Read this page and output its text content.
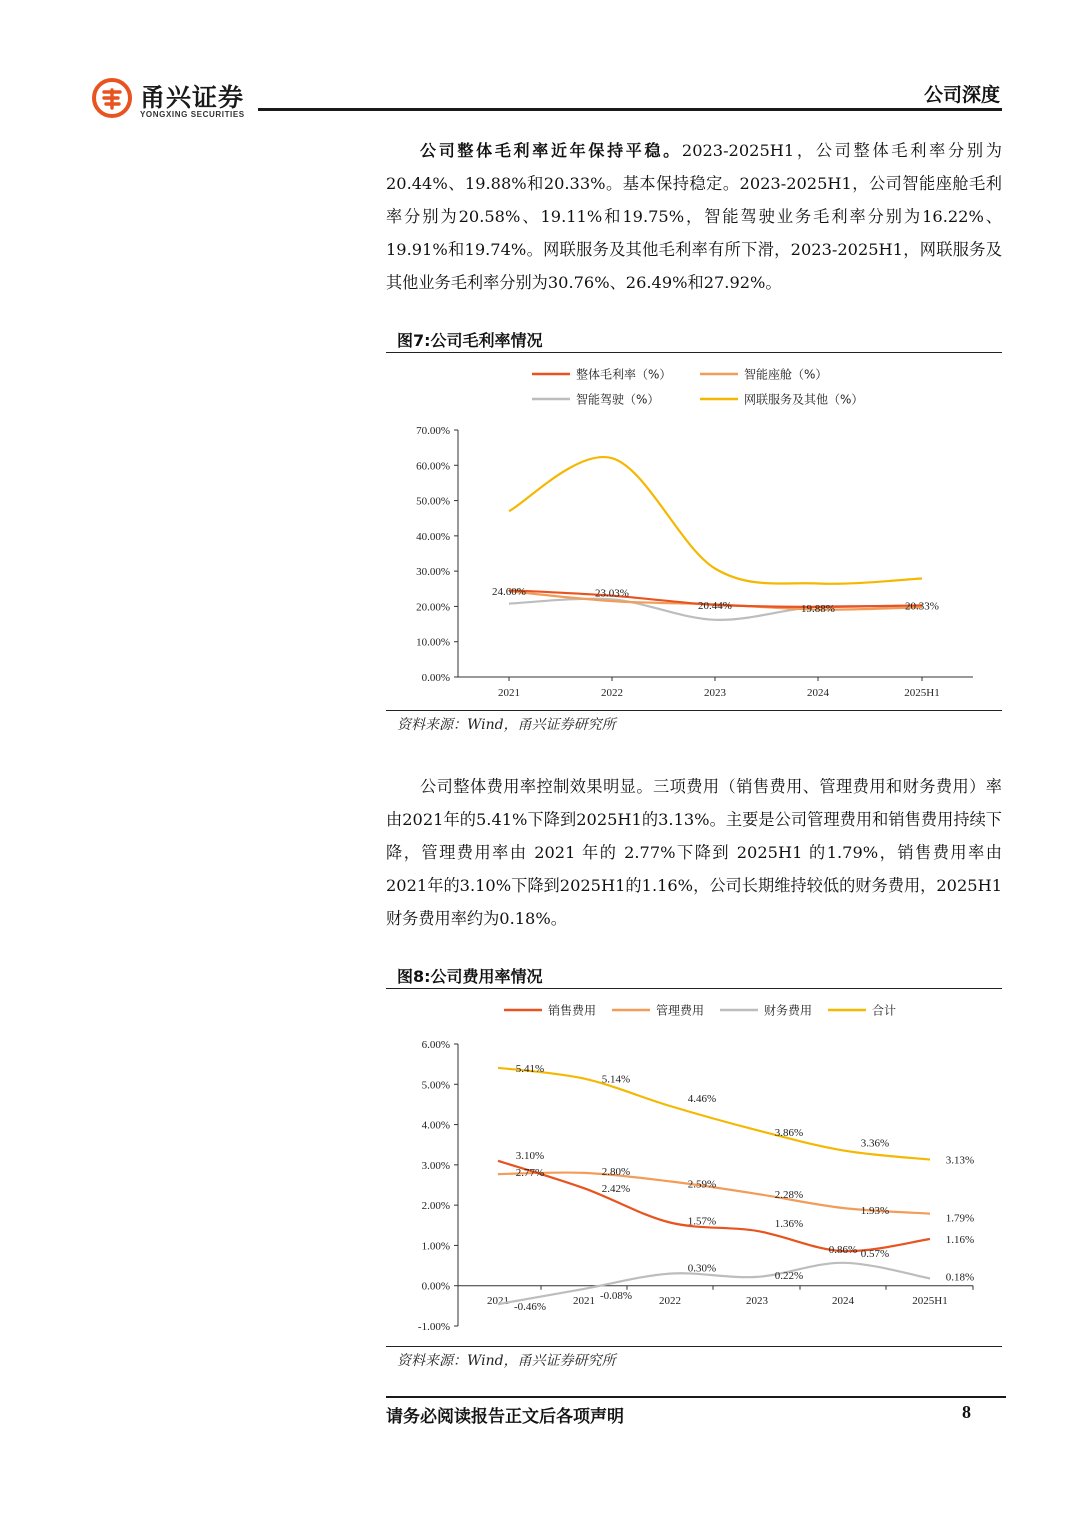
甬兴证券
YONGXING SECURITIES
公司深度

公司整体毛利率近年保持平稳。2023-2025H1，公司整体毛利率分别为20.44%、19.88%和20.33%。基本保持稳定。2023-2025H1，公司智能座舱毛利率分别为20.58%、19.11%和19.75%，智能驾驶业务毛利率分别为16.22%、19.91%和19.74%。网联服务及其他毛利率有所下滑，2023-2025H1，网联服务及其他业务毛利率分别为30.76%、26.49%和27.92%。

图7:公司毛利率情况
整体毛利率（%）	智能座舱（%）
智能驾驶（%）	网联服务及其他（%）
0.00%
10.00%
20.00%
30.00%
40.00%
50.00%
60.00%
70.00%
2021	2022	2023	2024	2025H1
24.60%	23.03%
20.44%	19.88%	20.33%
资料来源：Wind，甬兴证券研究所

公司整体费用率控制效果明显。三项费用（销售费用、管理费用和财务费用）率由2021年的5.41%下降到2025H1的3.13%。主要是公司管理费用和销售费用持续下降，管理费用率由 2021 年的 2.77%下降到 2025H1 的1.79%，销售费用率由2021年的3.10%下降到2025H1的1.16%，公司长期维持较低的财务费用，2025H1财务费用率约为0.18%。

图8:公司费用率情况
销售费用	管理费用	财务费用	合计
-1.00%
0.00%
1.00%
2.00%
3.00%
4.00%
5.00%
6.00%
2021	2021	2022	2023	2024	2025H1
3.10%
2.42%
1.57%	1.36%
0.86%
1.16%
2.77%	2.80%
2.59%
2.28%
1.93%
1.79%
-0.46%
-0.08%
0.30%
0.22%
0.57%
0.18%
5.41%
5.14%
4.46%
3.86%
3.36%
3.13%
资料来源：Wind，甬兴证券研究所
请务必阅读报告正文后各项声明	8
